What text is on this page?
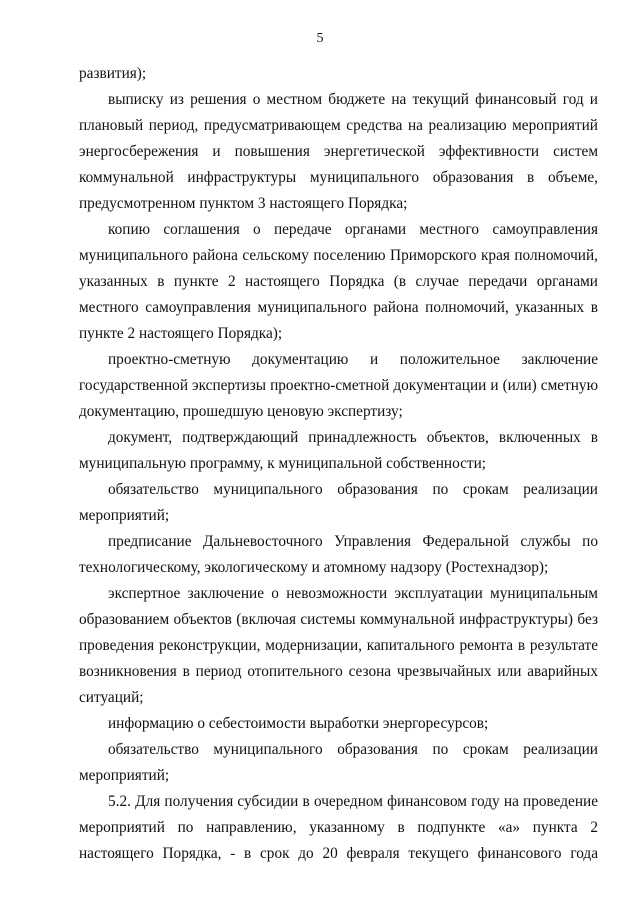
5

развития);

выписку из решения о местном бюджете на текущий финансовый год и плановый период, предусматривающем средства на реализацию мероприятий энергосбережения и повышения энергетической эффективности систем коммунальной инфраструктуры муниципального образования в объеме, предусмотренном пунктом 3 настоящего Порядка;

копию соглашения о передаче органами местного самоуправления муниципального района сельскому поселению Приморского края полномочий, указанных в пункте 2 настоящего Порядка (в случае передачи органами местного самоуправления муниципального района полномочий, указанных в пункте 2 настоящего Порядка);

проектно-сметную документацию и положительное заключение государственной экспертизы проектно-сметной документации и (или) сметную документацию, прошедшую ценовую экспертизу;

документ, подтверждающий принадлежность объектов, включенных в муниципальную программу, к муниципальной собственности;

обязательство муниципального образования по срокам реализации мероприятий;

предписание Дальневосточного Управления Федеральной службы по технологическому, экологическому и атомному надзору (Ростехнадзор);

экспертное заключение о невозможности эксплуатации муниципальным образованием объектов (включая системы коммунальной инфраструктуры) без проведения реконструкции, модернизации, капитального ремонта в результате возникновения в период отопительного сезона чрезвычайных или аварийных ситуаций;

информацию о себестоимости выработки энергоресурсов;

обязательство муниципального образования по срокам реализации мероприятий;

5.2. Для получения субсидии в очередном финансовом году на проведение мероприятий по направлению, указанному в подпункте «а» пункта 2 настоящего Порядка, - в срок до 20 февраля текущего финансового года
